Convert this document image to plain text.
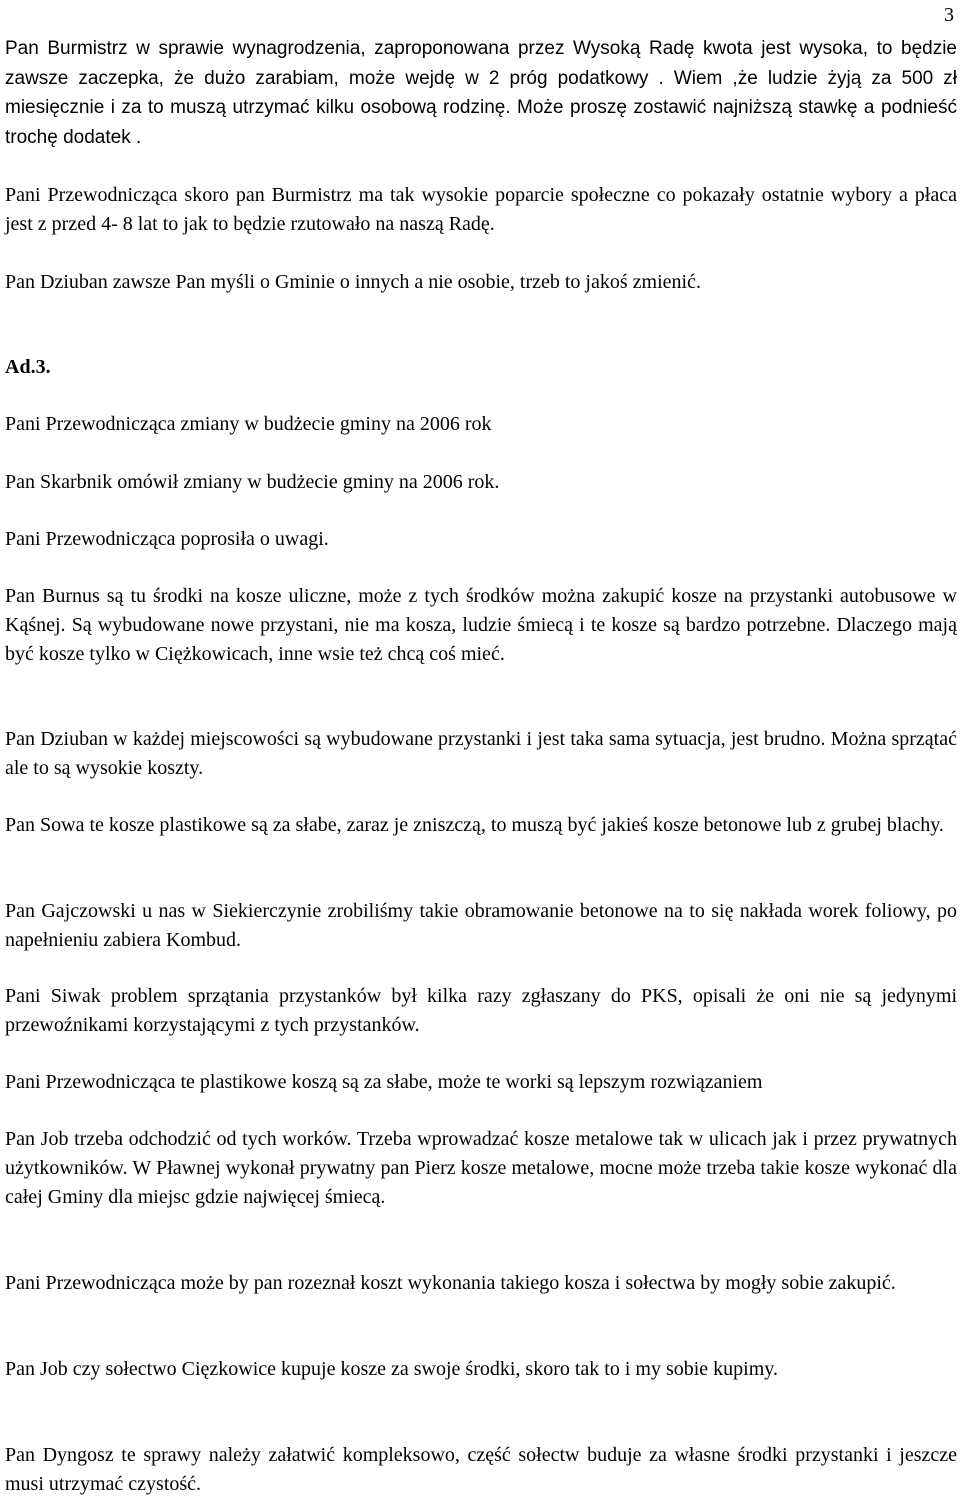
3

Pan Burmistrz w sprawie wynagrodzenia, zaproponowana przez Wysoką Radę kwota jest wysoka, to będzie zawsze zaczepka, że dużo zarabiam, może wejdę w 2 próg podatkowy . Wiem ,że ludzie żyją za 500 zł miesięcznie i za to muszą utrzymać kilku osobową rodzinę. Może proszę zostawić najniższą stawkę a podnieść trochę dodatek .

Pani Przewodnicząca skoro pan Burmistrz ma tak wysokie poparcie społeczne co pokazały ostatnie wybory a płaca jest z przed 4- 8 lat to jak to będzie rzutowało na naszą Radę.

Pan Dziuban zawsze Pan myśli o Gminie o innych a nie osobie, trzeb to jakoś zmienić.

Ad.3.

Pani Przewodnicząca zmiany w budżecie gminy na 2006 rok

Pan Skarbnik omówił zmiany w budżecie gminy na 2006 rok.

Pani Przewodnicząca poprosiła o uwagi.

Pan Burnus są tu środki na kosze uliczne, może z tych środków można zakupić kosze na przystanki autobusowe w Kąśnej. Są wybudowane nowe przystani, nie ma kosza, ludzie śmiecą i te kosze są bardzo potrzebne. Dlaczego mają być kosze tylko w Ciężkowicach, inne wsie też chcą coś mieć.

Pan Dziuban w każdej miejscowości są wybudowane przystanki i jest taka sama sytuacja, jest brudno. Można sprzątać ale to są wysokie koszty.

Pan Sowa te kosze plastikowe są za słabe, zaraz je zniszczą, to muszą być jakieś kosze betonowe lub z grubej blachy.

Pan Gajczowski u nas w Siekierczynie zrobiliśmy takie obramowanie betonowe na to się nakłada worek foliowy, po napełnieniu zabiera Kombud.

Pani Siwak problem sprzątania przystanków był kilka razy zgłaszany do PKS, opisali że oni nie są jedynymi przewoźnikami korzystającymi z tych przystanków.

Pani Przewodnicząca te plastikowe koszą są za słabe, może te worki są lepszym rozwiązaniem

Pan Job trzeba odchodzić od tych worków. Trzeba wprowadzać kosze metalowe tak w ulicach jak i przez prywatnych użytkowników. W Pławnej wykonał prywatny pan Pierz kosze metalowe, mocne może trzeba takie kosze wykonać dla całej Gminy dla miejsc gdzie najwięcej śmiecą.

Pani Przewodnicząca może by pan rozeznał koszt wykonania takiego kosza i sołectwa by mogły sobie zakupić.

Pan Job czy sołectwo Cięzkowice kupuje kosze za swoje środki, skoro tak to i my sobie kupimy.

Pan Dyngosz te sprawy należy załatwić kompleksowo, część sołectw buduje za własne środki przystanki i jeszcze musi utrzymać czystość.
